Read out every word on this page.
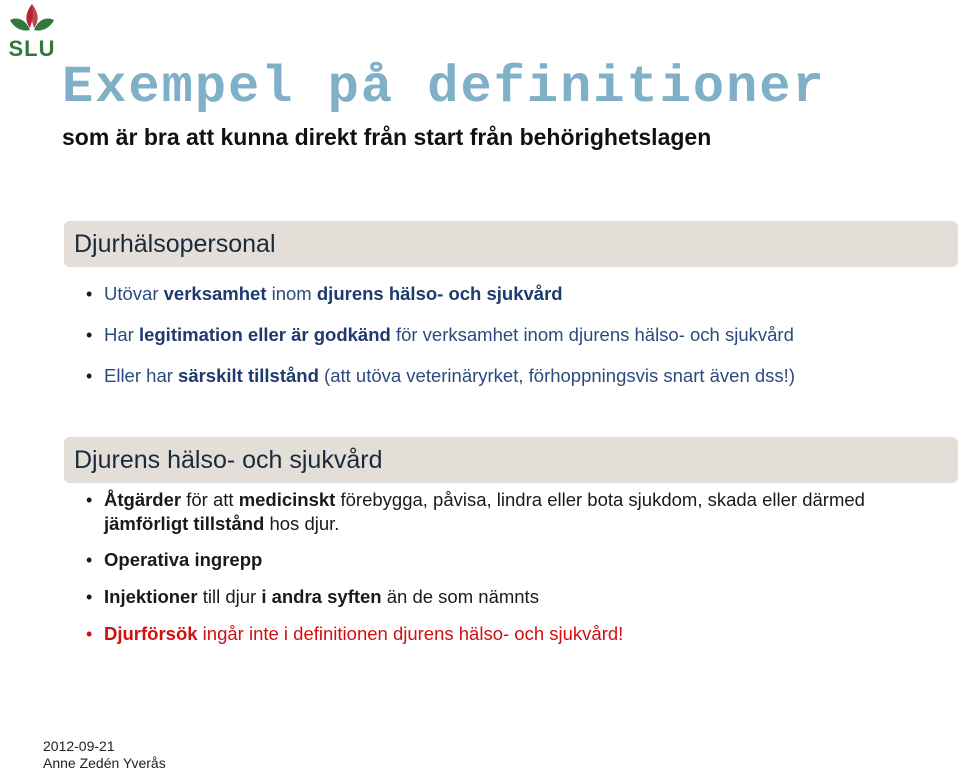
SLU
Exempel på definitioner
som är bra att kunna direkt från start från behörighetslagen
Djurhälsopersonal
• Utövar verksamhet inom djurens hälso- och sjukvård
• Har legitimation eller är godkänd för verksamhet inom djurens hälso- och sjukvård
• Eller har särskilt tillstånd (att utöva veterinäryrket, förhoppningsvis snart även dss!)
Djurens hälso- och sjukvård
• Åtgärder för att medicinskt förebygga, påvisa, lindra eller bota sjukdom, skada eller därmed jämförligt tillstånd hos djur.
• Operativa ingrepp
• Injektioner till djur i andra syften än de som nämnts
• Djurförsök ingår inte i definitionen djurens hälso- och sjukvård!
2012-09-21
Anne Zedén Yverås
